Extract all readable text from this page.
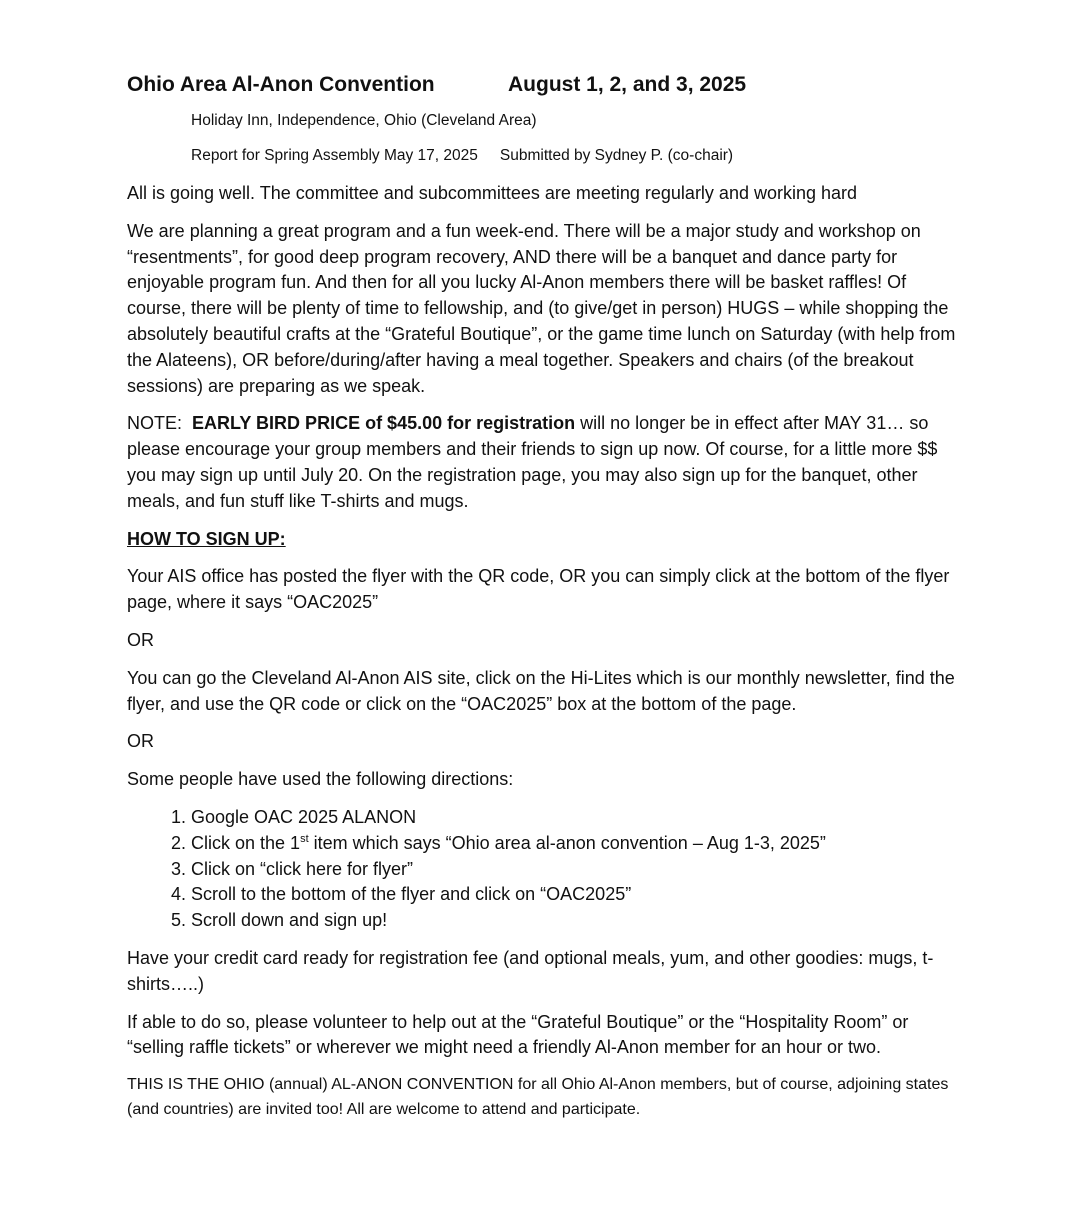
Ohio Area Al-Anon Convention	August 1, 2, and 3, 2025
Holiday Inn, Independence, Ohio (Cleveland Area)
Report for Spring Assembly May 17, 2025 Submitted by Sydney P. (co-chair)

All is going well. The committee and subcommittees are meeting regularly and working hard

We are planning a great program and a fun week-end. There will be a major study and workshop on “resentments”, for good deep program recovery, AND there will be a banquet and dance party for enjoyable program fun. And then for all you lucky Al-Anon members there will be basket raffles! Of course, there will be plenty of time to fellowship, and (to give/get in person) HUGS – while shopping the absolutely beautiful crafts at the “Grateful Boutique”, or the game time lunch on Saturday (with help from the Alateens), OR before/during/after having a meal together. Speakers and chairs (of the breakout sessions) are preparing as we speak.

NOTE: EARLY BIRD PRICE of $45.00 for registration will no longer be in effect after MAY 31… so please encourage your group members and their friends to sign up now. Of course, for a little more $$ you may sign up until July 20. On the registration page, you may also sign up for the banquet, other meals, and fun stuff like T-shirts and mugs.

HOW TO SIGN UP:

Your AIS office has posted the flyer with the QR code, OR you can simply click at the bottom of the flyer page, where it says “OAC2025”

OR

You can go the Cleveland Al-Anon AIS site, click on the Hi-Lites which is our monthly newsletter, find the flyer, and use the QR code or click on the “OAC2025” box at the bottom of the page.

OR

Some people have used the following directions:

1. Google OAC 2025 ALANON
2. Click on the 1st item which says “Ohio area al-anon convention – Aug 1-3, 2025”
3. Click on “click here for flyer”
4. Scroll to the bottom of the flyer and click on “OAC2025”
5. Scroll down and sign up!

Have your credit card ready for registration fee (and optional meals, yum, and other goodies: mugs, t-shirts…..)

If able to do so, please volunteer to help out at the “Grateful Boutique” or the “Hospitality Room” or “selling raffle tickets” or wherever we might need a friendly Al-Anon member for an hour or two.

THIS IS THE OHIO (annual) AL-ANON CONVENTION for all Ohio Al-Anon members, but of course, adjoining states (and countries) are invited too! All are welcome to attend and participate.
